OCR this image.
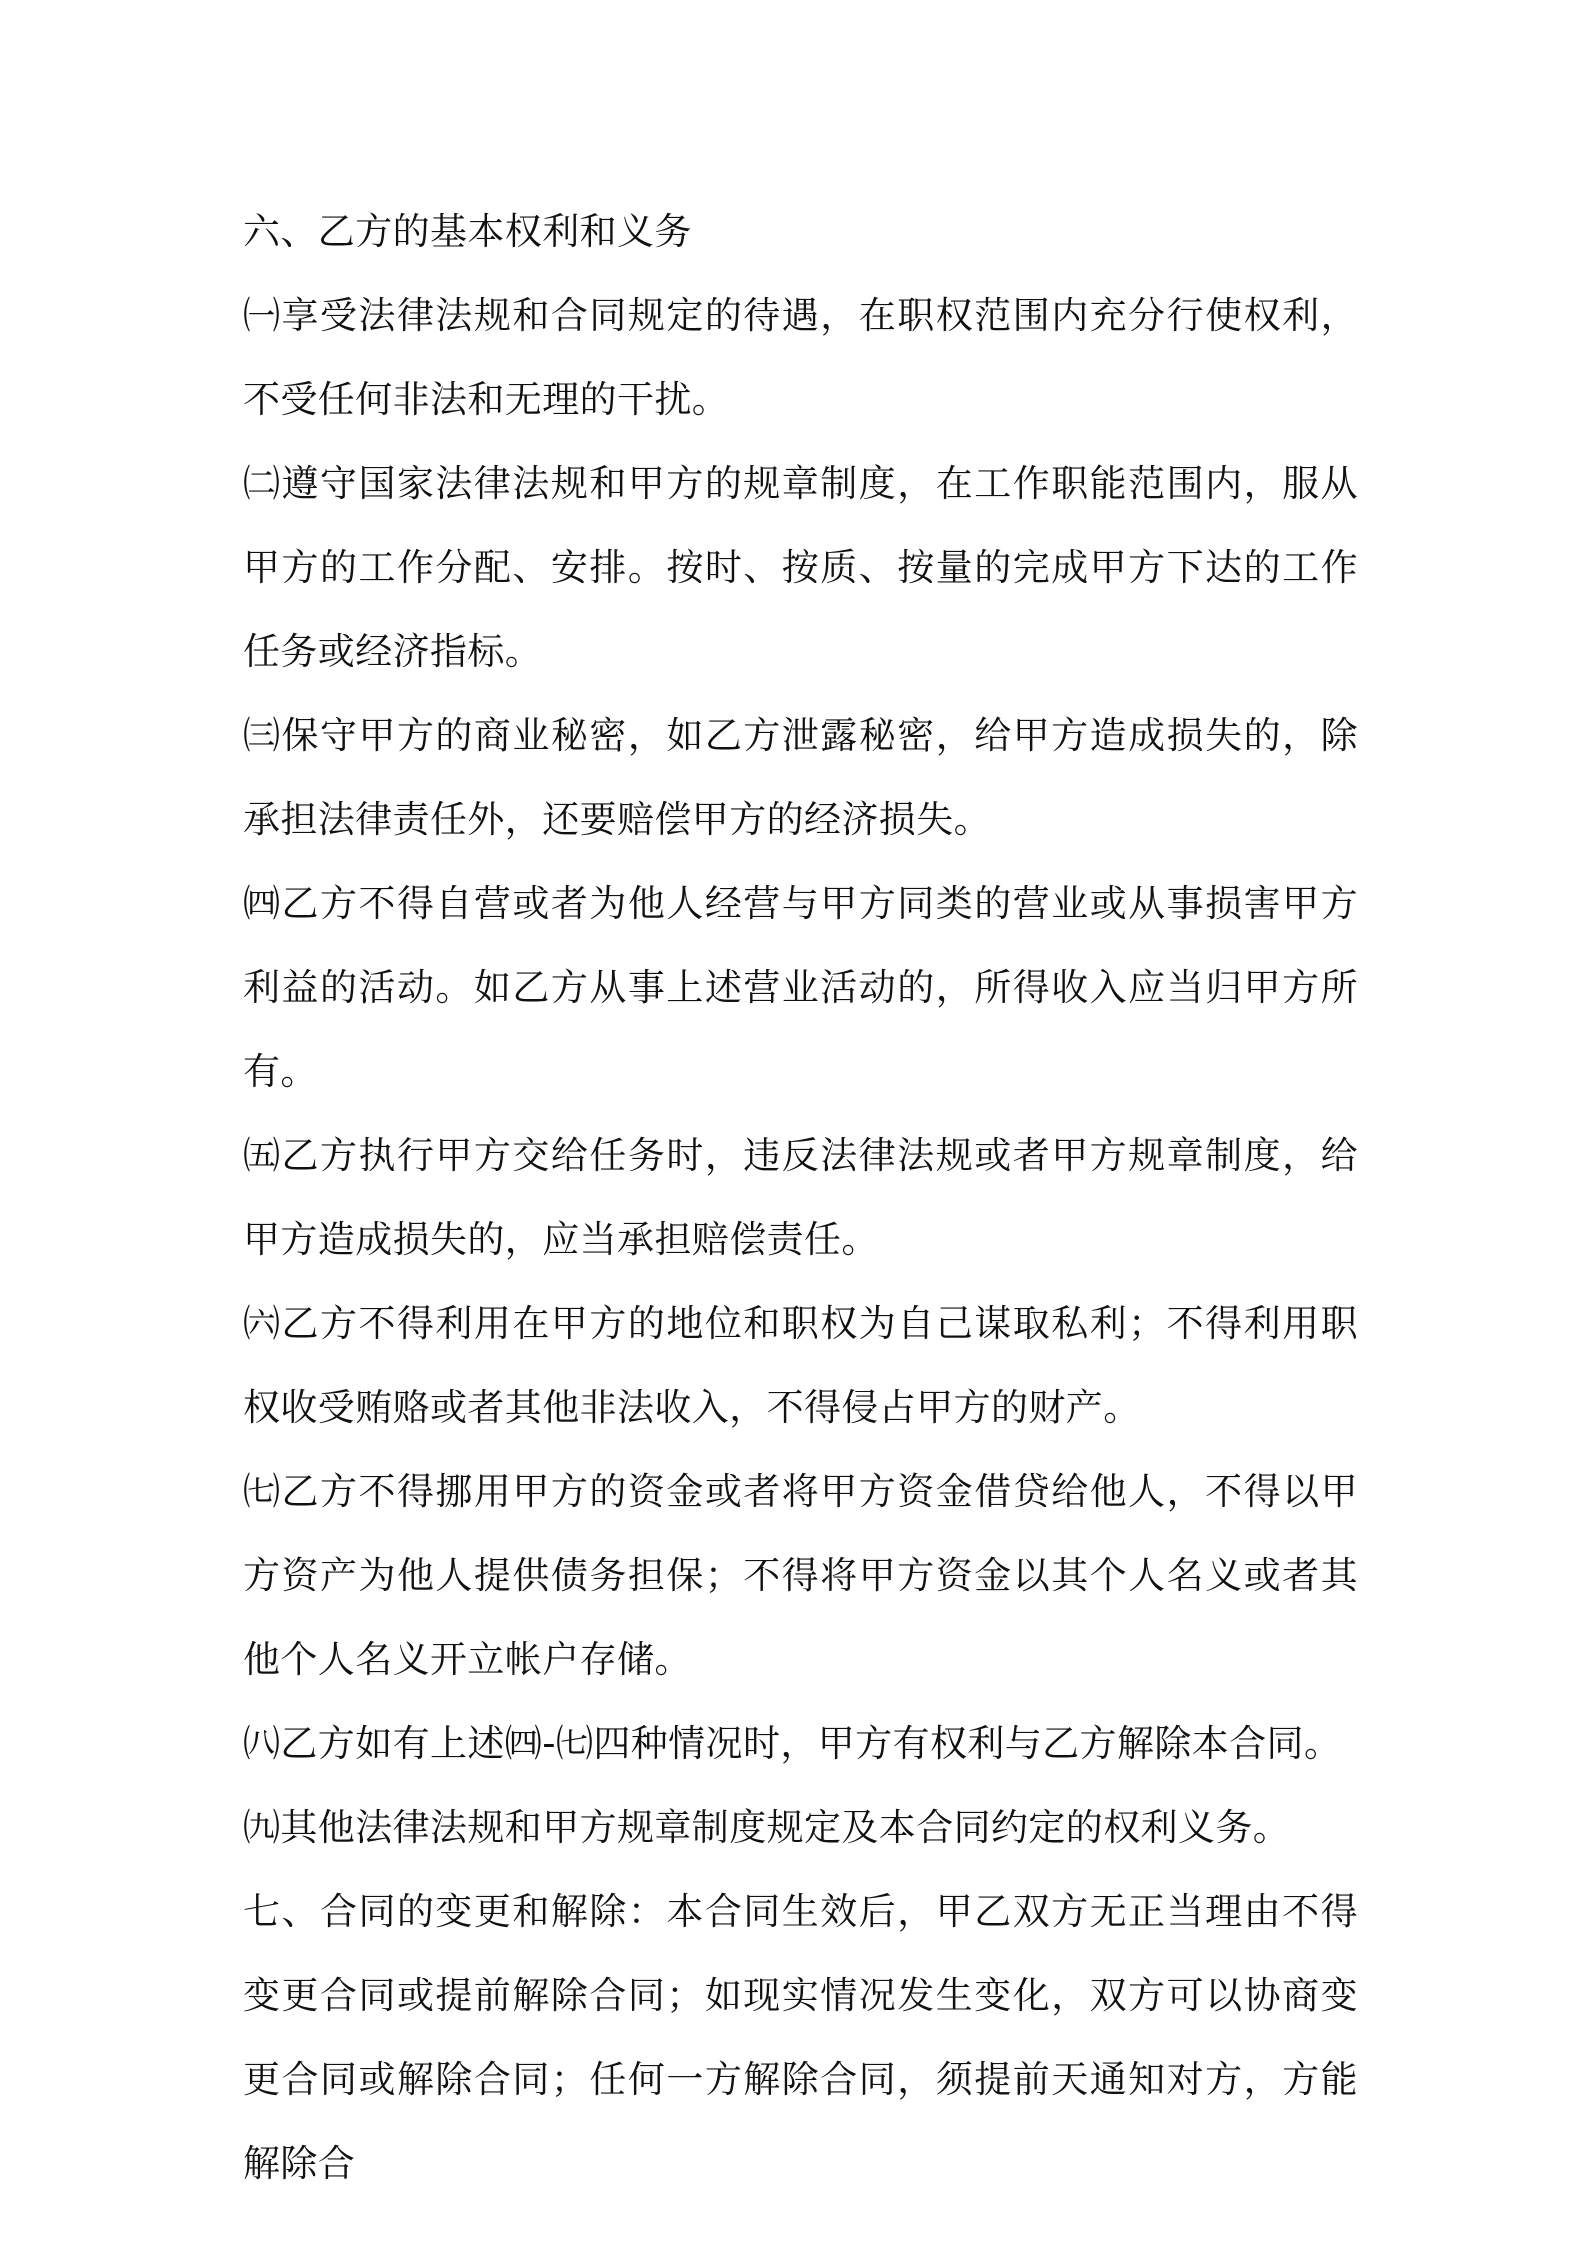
六、乙方的基本权利和义务

㈠享受法律法规和合同规定的待遇，在职权范围内充分行使权利，不受任何非法和无理的干扰。

㈡遵守国家法律法规和甲方的规章制度，在工作职能范围内，服从甲方的工作分配、安排。按时、按质、按量的完成甲方下达的工作任务或经济指标。

㈢保守甲方的商业秘密，如乙方泄露秘密，给甲方造成损失的，除承担法律责任外，还要赔偿甲方的经济损失。

㈣乙方不得自营或者为他人经营与甲方同类的营业或从事损害甲方利益的活动。如乙方从事上述营业活动的，所得收入应当归甲方所有。

㈤乙方执行甲方交给任务时，违反法律法规或者甲方规章制度，给甲方造成损失的，应当承担赔偿责任。

㈥乙方不得利用在甲方的地位和职权为自己谋取私利；不得利用职权收受贿赂或者其他非法收入，不得侵占甲方的财产。

㈦乙方不得挪用甲方的资金或者将甲方资金借贷给他人，不得以甲方资产为他人提供债务担保；不得将甲方资金以其个人名义或者其他个人名义开立帐户存储。

㈧乙方如有上述㈣-㈦四种情况时，甲方有权利与乙方解除本合同。

㈨其他法律法规和甲方规章制度规定及本合同约定的权利义务。

七、合同的变更和解除：本合同生效后，甲乙双方无正当理由不得变更合同或提前解除合同；如现实情况发生变化，双方可以协商变更合同或解除合同；任何一方解除合同，须提前天通知对方，方能解除合
